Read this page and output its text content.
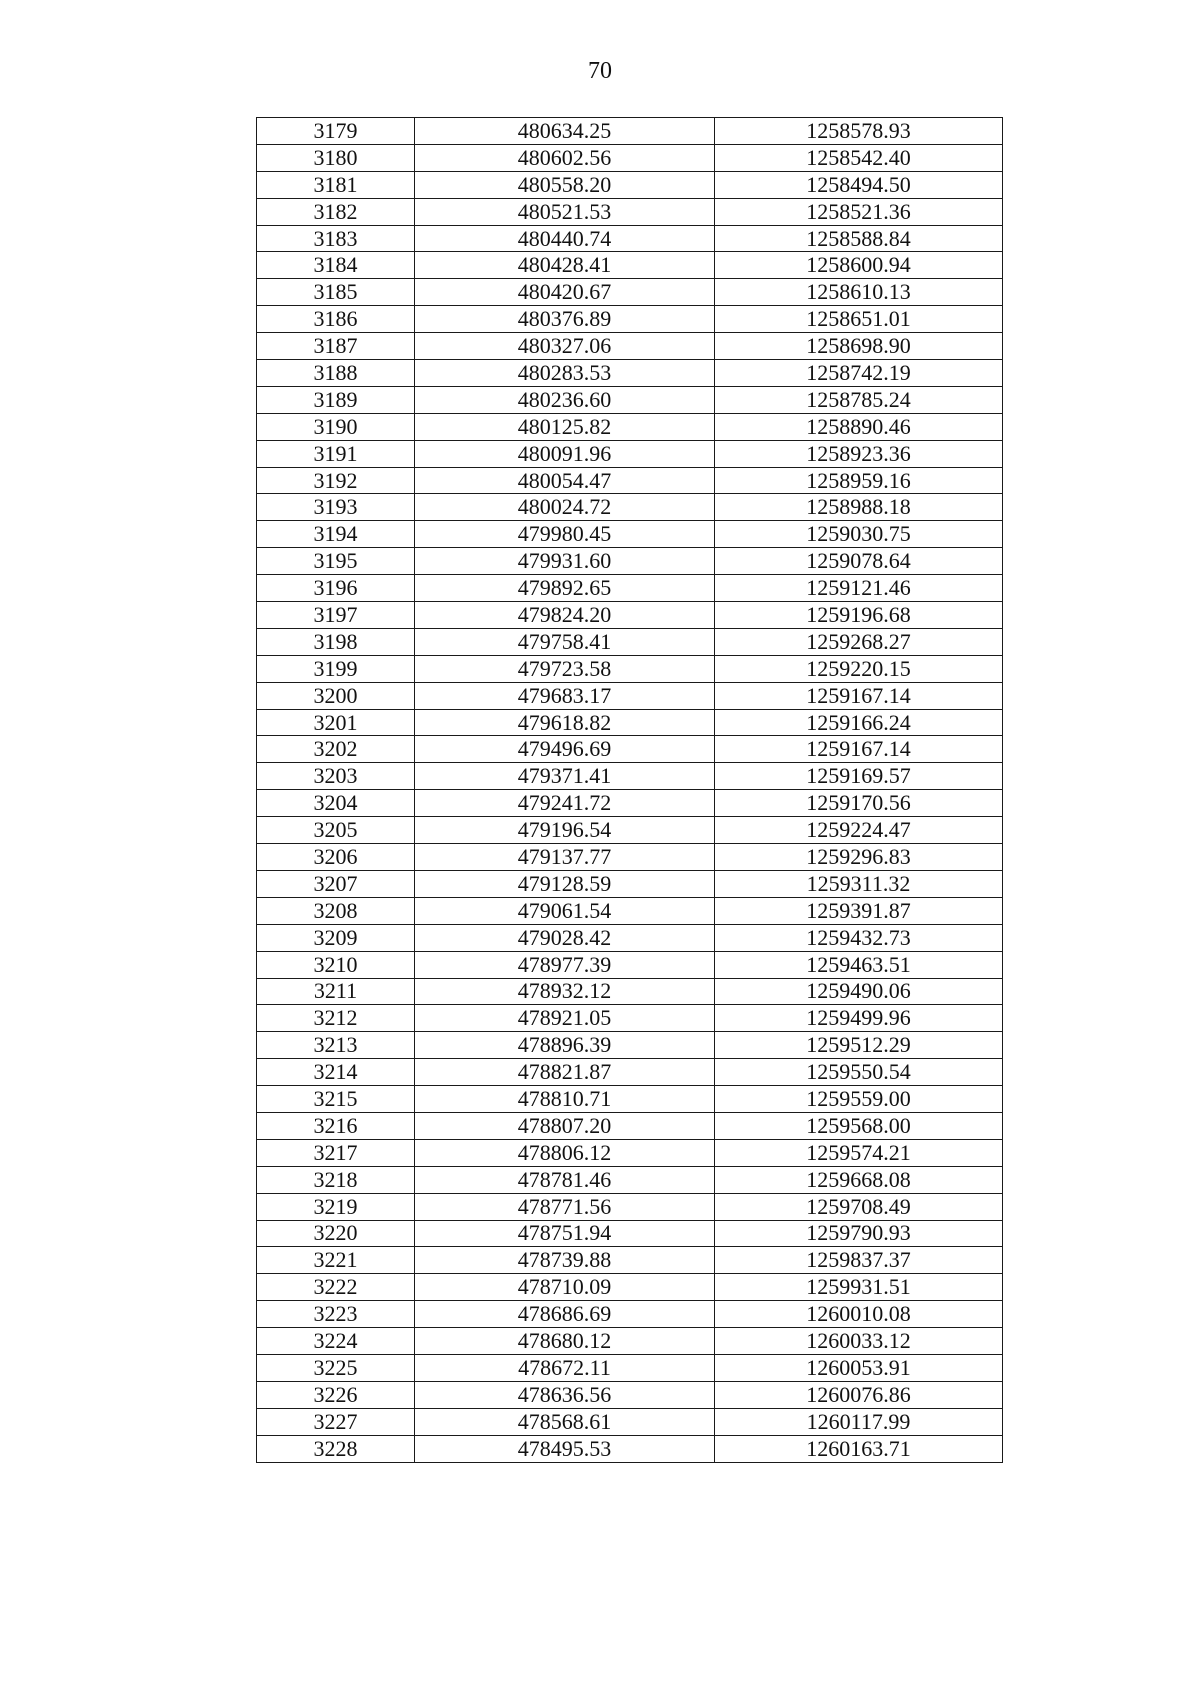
70
3179	480634.25	1258578.93
3180	480602.56	1258542.40
3181	480558.20	1258494.50
3182	480521.53	1258521.36
3183	480440.74	1258588.84
3184	480428.41	1258600.94
3185	480420.67	1258610.13
3186	480376.89	1258651.01
3187	480327.06	1258698.90
3188	480283.53	1258742.19
3189	480236.60	1258785.24
3190	480125.82	1258890.46
3191	480091.96	1258923.36
3192	480054.47	1258959.16
3193	480024.72	1258988.18
3194	479980.45	1259030.75
3195	479931.60	1259078.64
3196	479892.65	1259121.46
3197	479824.20	1259196.68
3198	479758.41	1259268.27
3199	479723.58	1259220.15
3200	479683.17	1259167.14
3201	479618.82	1259166.24
3202	479496.69	1259167.14
3203	479371.41	1259169.57
3204	479241.72	1259170.56
3205	479196.54	1259224.47
3206	479137.77	1259296.83
3207	479128.59	1259311.32
3208	479061.54	1259391.87
3209	479028.42	1259432.73
3210	478977.39	1259463.51
3211	478932.12	1259490.06
3212	478921.05	1259499.96
3213	478896.39	1259512.29
3214	478821.87	1259550.54
3215	478810.71	1259559.00
3216	478807.20	1259568.00
3217	478806.12	1259574.21
3218	478781.46	1259668.08
3219	478771.56	1259708.49
3220	478751.94	1259790.93
3221	478739.88	1259837.37
3222	478710.09	1259931.51
3223	478686.69	1260010.08
3224	478680.12	1260033.12
3225	478672.11	1260053.91
3226	478636.56	1260076.86
3227	478568.61	1260117.99
3228	478495.53	1260163.71
